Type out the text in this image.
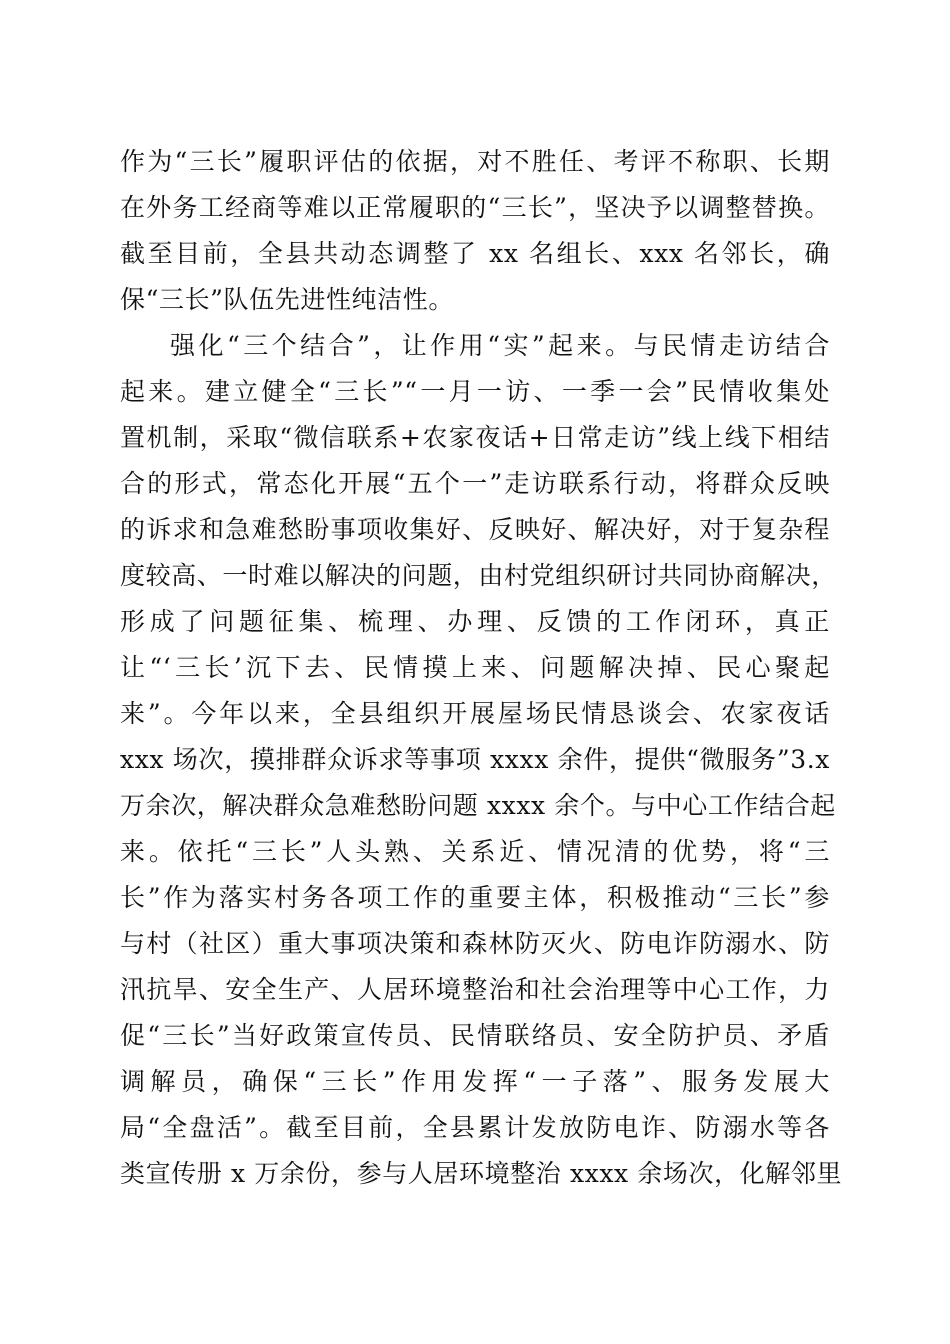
作为“三长”履职评估的依据，对不胜任、考评不称职、长期
在外务工经商等难以正常履职的“三长”，坚决予以调整替换。
截至目前，全县共动态调整了 xx 名组长、xxx 名邻长，确
保“三长”队伍先进性纯洁性。
强化“三个结合”，让作用“实”起来。与民情走访结合
起来。建立健全“三长”“一月一访、一季一会”民情收集处
置机制，采取“微信联系+农家夜话+日常走访”线上线下相结
合的形式，常态化开展“五个一”走访联系行动，将群众反映
的诉求和急难愁盼事项收集好、反映好、解决好，对于复杂程
度较高、一时难以解决的问题，由村党组织研讨共同协商解决，
形成了问题征集、梳理、办理、反馈的工作闭环，真正
让“‘三长’沉下去、民情摸上来、问题解决掉、民心聚起
来”。今年以来，全县组织开展屋场民情恳谈会、农家夜话
xxx 场次，摸排群众诉求等事项 xxxx 余件，提供“微服务”3.x
万余次，解决群众急难愁盼问题 xxxx 余个。与中心工作结合起
来。依托“三长”人头熟、关系近、情况清的优势，将“三
长”作为落实村务各项工作的重要主体，积极推动“三长”参
与村（社区）重大事项决策和森林防灭火、防电诈防溺水、防
汛抗旱、安全生产、人居环境整治和社会治理等中心工作，力
促“三长”当好政策宣传员、民情联络员、安全防护员、矛盾
调解员，确保“三长”作用发挥“一子落”、服务发展大
局“全盘活”。截至目前，全县累计发放防电诈、防溺水等各
类宣传册 x 万余份，参与人居环境整治 xxxx 余场次，化解邻里
